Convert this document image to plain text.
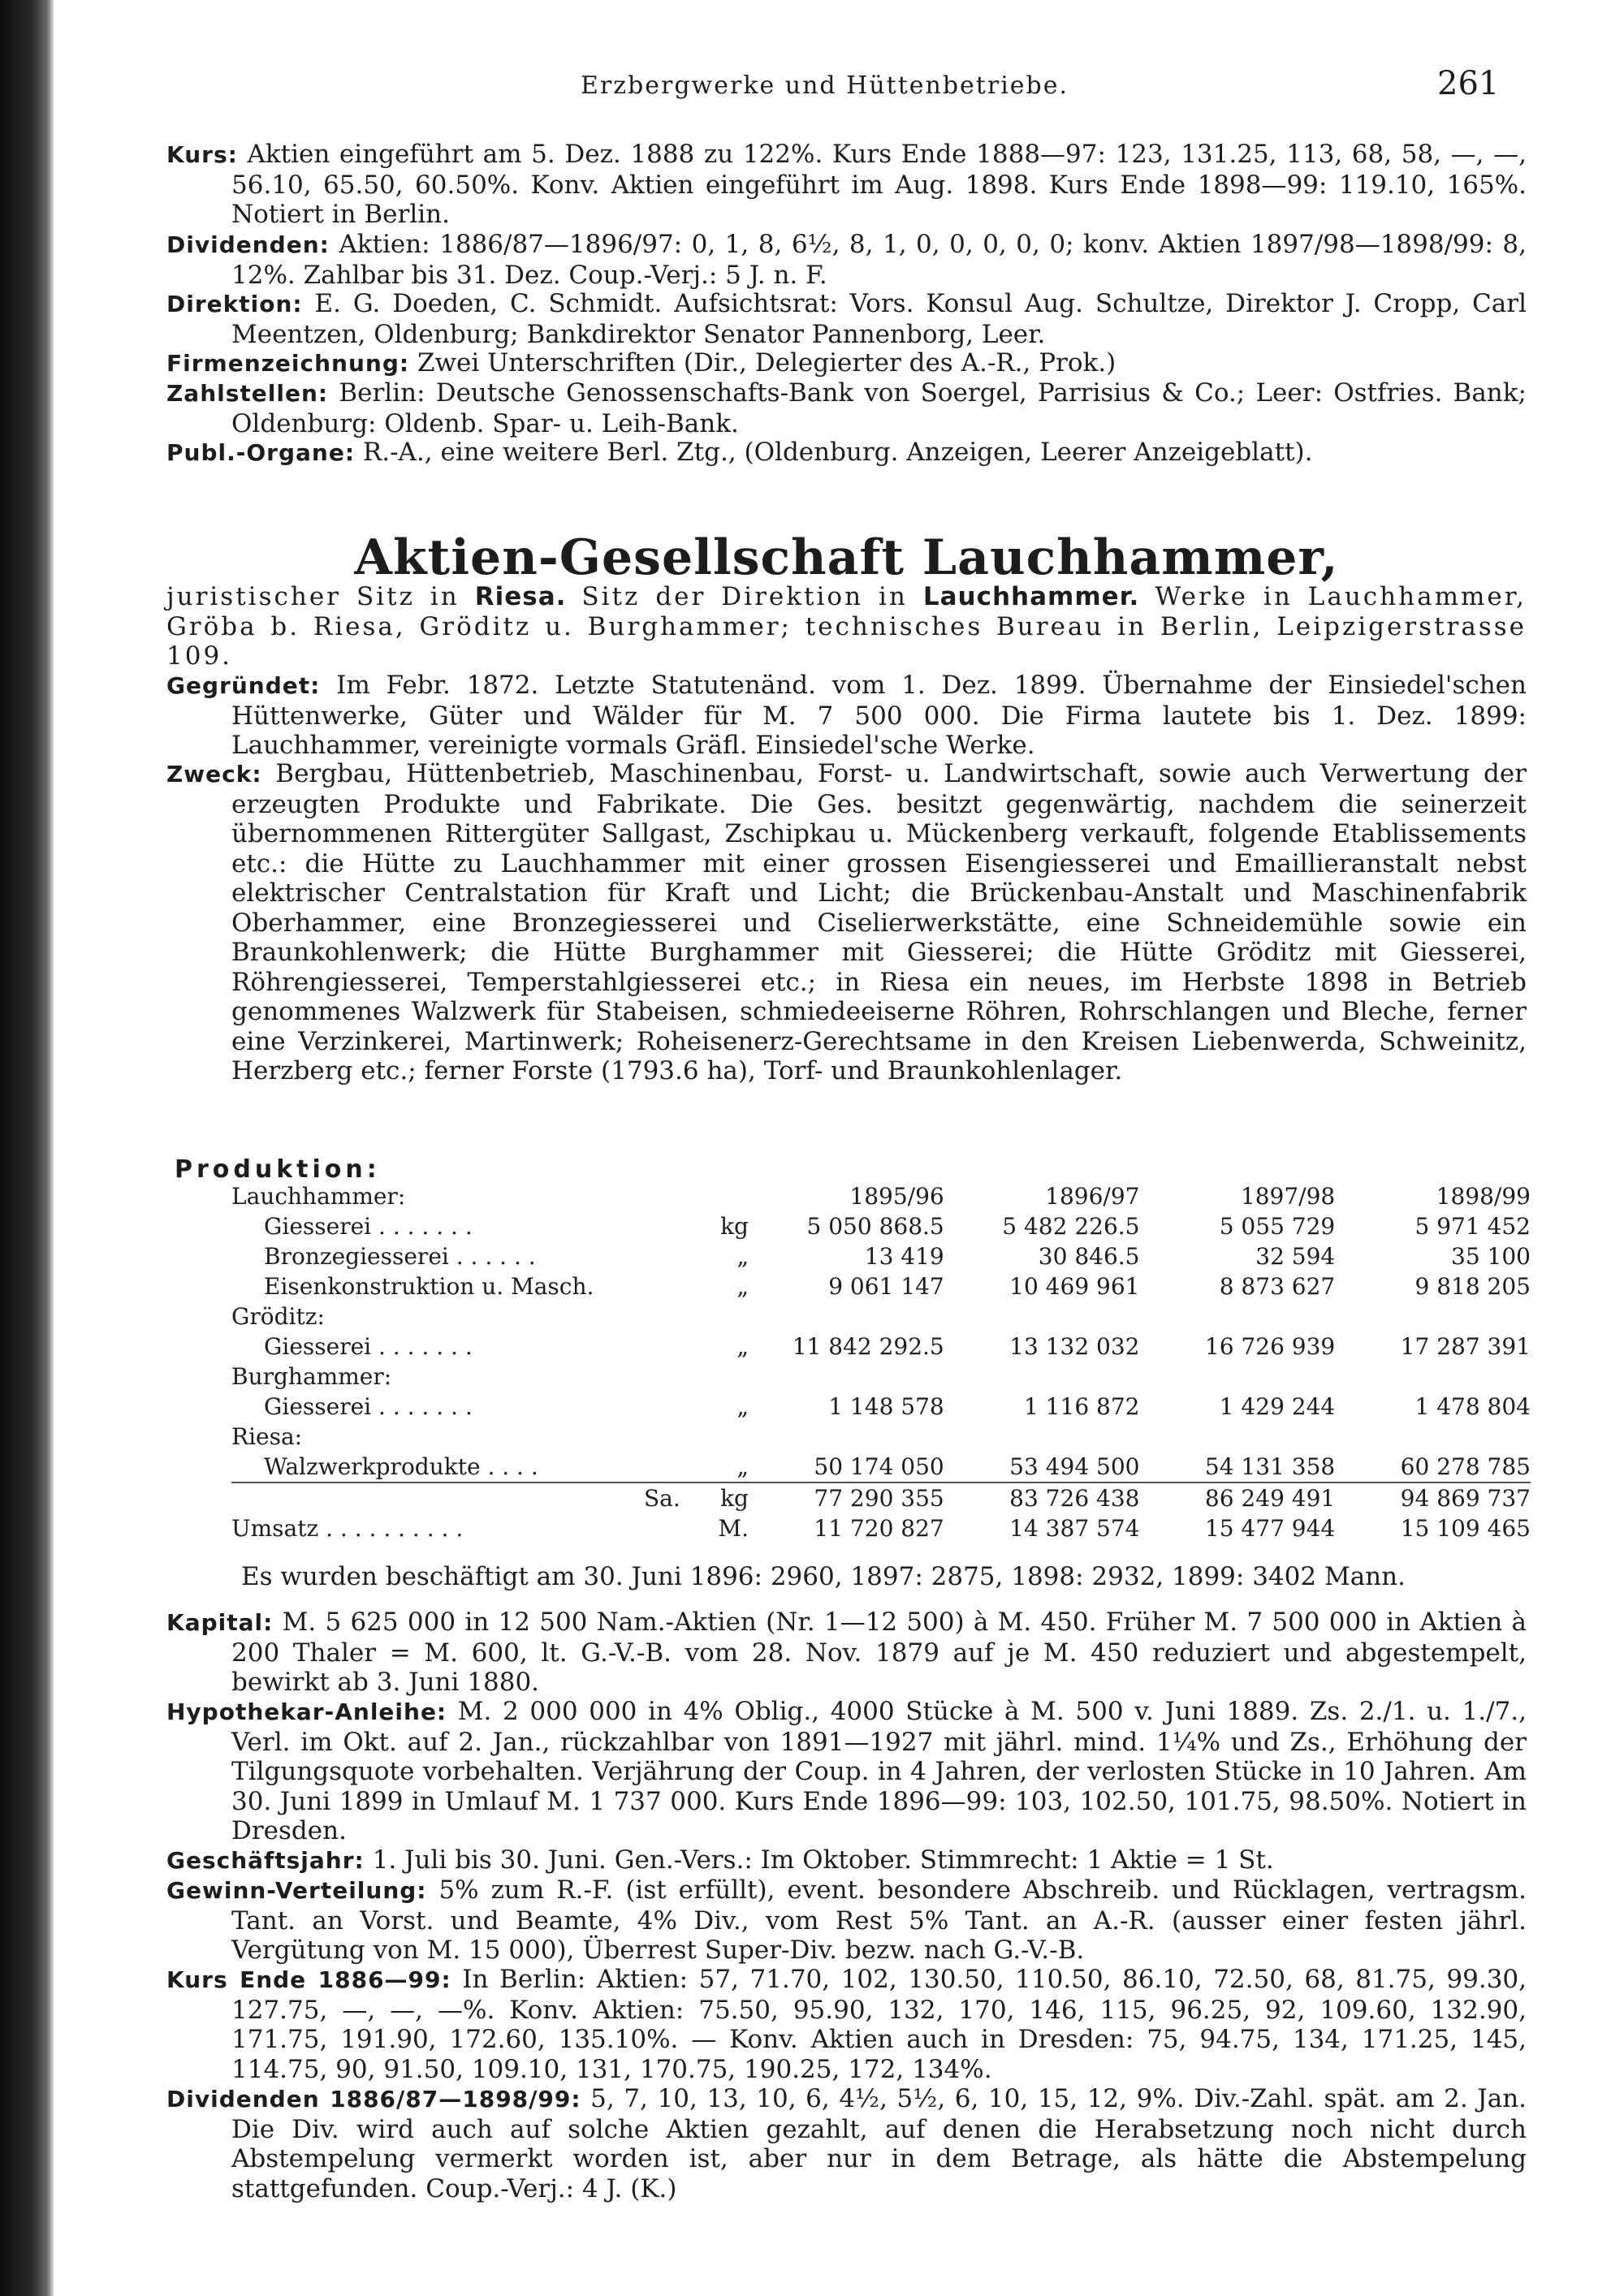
Erzbergwerke und Hüttenbetriebe.	261
Kurs: Aktien eingeführt am 5. Dez. 1888 zu 122%. Kurs Ende 1888—97: 123, 131.25, 113, 68, 58, —, —, 56.10, 65.50, 60.50%. Konv. Aktien eingeführt im Aug. 1898. Kurs Ende 1898—99: 119.10, 165%. Notiert in Berlin.
Dividenden: Aktien: 1886/87—1896/97: 0, 1, 8, 6½, 8, 1, 0, 0, 0, 0, 0; konv. Aktien 1897/98—1898/99: 8, 12%. Zahlbar bis 31. Dez. Coup.-Verj.: 5 J. n. F.
Direktion: E. G. Doeden, C. Schmidt. Aufsichtsrat: Vors. Konsul Aug. Schultze, Direktor J. Cropp, Carl Meentzen, Oldenburg; Bankdirektor Senator Pannenborg, Leer.
Firmenzeichnung: Zwei Unterschriften (Dir., Delegierter des A.-R., Prok.)
Zahlstellen: Berlin: Deutsche Genossenschafts-Bank von Soergel, Parrisius & Co.; Leer: Ostfries. Bank; Oldenburg: Oldenb. Spar- u. Leih-Bank.
Publ.-Organe: R.-A., eine weitere Berl. Ztg., (Oldenburg. Anzeigen, Leerer Anzeigeblatt).
Aktien-Gesellschaft Lauchhammer,
juristischer Sitz in Riesa. Sitz der Direktion in Lauchhammer. Werke in Lauchhammer, Gröba b. Riesa, Gröditz u. Burghammer; technisches Bureau in Berlin, Leipzigerstrasse 109.
Gegründet: Im Febr. 1872. Letzte Statutenänd. vom 1. Dez. 1899. Übernahme der Einsiedel'schen Hüttenwerke, Güter und Wälder für M. 7 500 000. Die Firma lautete bis 1. Dez. 1899: Lauchhammer, vereinigte vormals Gräfl. Einsiedel'sche Werke.
Zweck: Bergbau, Hüttenbetrieb, Maschinenbau, Forst- u. Landwirtschaft, sowie auch Verwertung der erzeugten Produkte und Fabrikate. Die Ges. besitzt gegenwärtig, nachdem die seinerzeit übernommenen Rittergüter Sallgast, Zschipkau u. Mückenberg verkauft, folgende Etablissements etc.: die Hütte zu Lauchhammer mit einer grossen Eisengiesserei und Emaillieranstalt nebst elektrischer Centralstation für Kraft und Licht; die Brückenbau-Anstalt und Maschinenfabrik Oberhammer, eine Bronzegiesserei und Ciselierwerkstätte, eine Schneidemühle sowie ein Braunkohlenwerk; die Hütte Burghammer mit Giesserei; die Hütte Gröditz mit Giesserei, Röhrengiesserei, Temperstahlgiesserei etc.; in Riesa ein neues, im Herbste 1898 in Betrieb genommenes Walzwerk für Stabeisen, schmiedeeiserne Röhren, Rohrschlangen und Bleche, ferner eine Verzinkerei, Martinwerk; Roheisenerz-Gerechtsame in den Kreisen Liebenwerda, Schweinitz, Herzberg etc.; ferner Forste (1793.6 ha), Torf- und Braunkohlenlager.
Produktion:
Lauchhammer:		1895/96	1896/97	1897/98	1898/99
Giesserei . . . . . . .	kg	5 050 868.5	5 482 226.5	5 055 729	5 971 452
Bronzegiesserei . . . . . .	„	13 419	30 846.5	32 594	35 100
Eisenkonstruktion u. Masch.	„	9 061 147	10 469 961	8 873 627	9 818 205
Gröditz:					
Giesserei . . . . . . .	„	11 842 292.5	13 132 032	16 726 939	17 287 391
Burghammer:					
Giesserei . . . . . . .	„	1 148 578	1 116 872	1 429 244	1 478 804
Riesa:					
Walzwerkprodukte . . . .	„	50 174 050	53 494 500	54 131 358	60 278 785
Sa.	kg	77 290 355	83 726 438	86 249 491	94 869 737
Umsatz . . . . . . . . . .	M.	11 720 827	14 387 574	15 477 944	15 109 465
Es wurden beschäftigt am 30. Juni 1896: 2960, 1897: 2875, 1898: 2932, 1899: 3402 Mann.
Kapital: M. 5 625 000 in 12 500 Nam.-Aktien (Nr. 1—12 500) à M. 450. Früher M. 7 500 000 in Aktien à 200 Thaler = M. 600, lt. G.-V.-B. vom 28. Nov. 1879 auf je M. 450 reduziert und abgestempelt, bewirkt ab 3. Juni 1880.
Hypothekar-Anleihe: M. 2 000 000 in 4% Oblig., 4000 Stücke à M. 500 v. Juni 1889. Zs. 2./1. u. 1./7., Verl. im Okt. auf 2. Jan., rückzahlbar von 1891—1927 mit jährl. mind. 1¼% und Zs., Erhöhung der Tilgungsquote vorbehalten. Verjährung der Coup. in 4 Jahren, der verlosten Stücke in 10 Jahren. Am 30. Juni 1899 in Umlauf M. 1 737 000. Kurs Ende 1896—99: 103, 102.50, 101.75, 98.50%. Notiert in Dresden.
Geschäftsjahr: 1. Juli bis 30. Juni. Gen.-Vers.: Im Oktober. Stimmrecht: 1 Aktie = 1 St.
Gewinn-Verteilung: 5% zum R.-F. (ist erfüllt), event. besondere Abschreib. und Rücklagen, vertragsm. Tant. an Vorst. und Beamte, 4% Div., vom Rest 5% Tant. an A.-R. (ausser einer festen jährl. Vergütung von M. 15 000), Überrest Super-Div. bezw. nach G.-V.-B.
Kurs Ende 1886—99: In Berlin: Aktien: 57, 71.70, 102, 130.50, 110.50, 86.10, 72.50, 68, 81.75, 99.30, 127.75, —, —, —%. Konv. Aktien: 75.50, 95.90, 132, 170, 146, 115, 96.25, 92, 109.60, 132.90, 171.75, 191.90, 172.60, 135.10%. — Konv. Aktien auch in Dresden: 75, 94.75, 134, 171.25, 145, 114.75, 90, 91.50, 109.10, 131, 170.75, 190.25, 172, 134%.
Dividenden 1886/87—1898/99: 5, 7, 10, 13, 10, 6, 4½, 5½, 6, 10, 15, 12, 9%. Div.-Zahl. spät. am 2. Jan. Die Div. wird auch auf solche Aktien gezahlt, auf denen die Herabsetzung noch nicht durch Abstempelung vermerkt worden ist, aber nur in dem Betrage, als hätte die Abstempelung stattgefunden. Coup.-Verj.: 4 J. (K.)
